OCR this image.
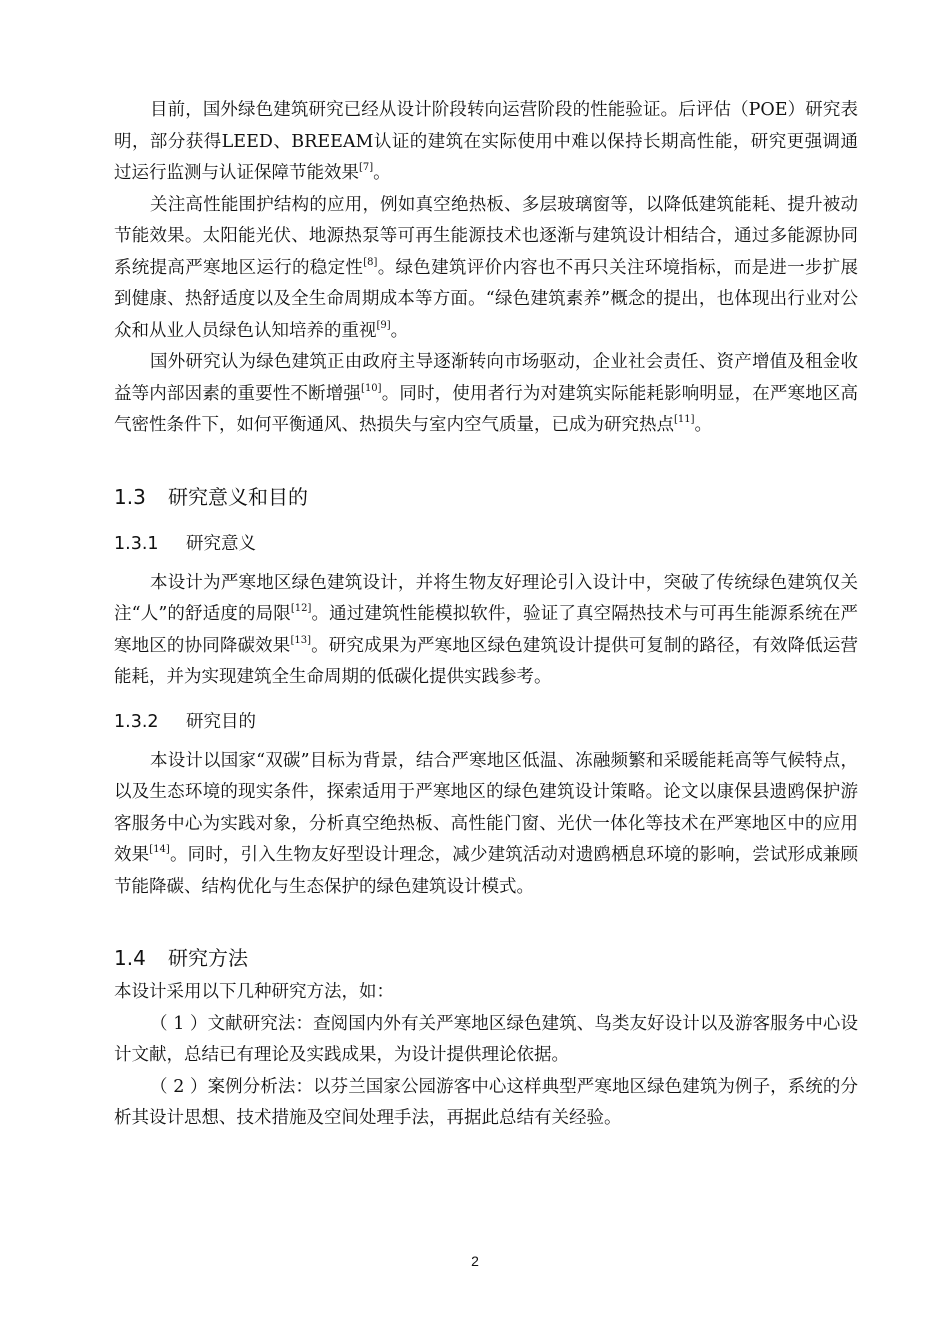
目前，国外绿色建筑研究已经从设计阶段转向运营阶段的性能验证。后评估（POE）研究表明，部分获得LEED、BREEAM认证的建筑在实际使用中难以保持长期高性能，研究更强调通过运行监测与认证保障节能效果[7]。

关注高性能围护结构的应用，例如真空绝热板、多层玻璃窗等，以降低建筑能耗、提升被动节能效果。太阳能光伏、地源热泵等可再生能源技术也逐渐与建筑设计相结合，通过多能源协同系统提高严寒地区运行的稳定性[8]。绿色建筑评价内容也不再只关注环境指标，而是进一步扩展到健康、热舒适度以及全生命周期成本等方面。“绿色建筑素养”概念的提出，也体现出行业对公众和从业人员绿色认知培养的重视[9]。

国外研究认为绿色建筑正由政府主导逐渐转向市场驱动，企业社会责任、资产增值及租金收益等内部因素的重要性不断增强[10]。同时，使用者行为对建筑实际能耗影响明显，在严寒地区高气密性条件下，如何平衡通风、热损失与室内空气质量，已成为研究热点[11]。

1.3	研究意义和目的
1.3.1	研究意义

本设计为严寒地区绿色建筑设计，并将生物友好理论引入设计中，突破了传统绿色建筑仅关注“人”的舒适度的局限[12]。通过建筑性能模拟软件，验证了真空隔热技术与可再生能源系统在严寒地区的协同降碳效果[13]。研究成果为严寒地区绿色建筑设计提供可复制的路径，有效降低运营能耗，并为实现建筑全生命周期的低碳化提供实践参考。

1.3.2	研究目的

本设计以国家“双碳”目标为背景，结合严寒地区低温、冻融频繁和采暖能耗高等气候特点，以及生态环境的现实条件，探索适用于严寒地区的绿色建筑设计策略。论文以康保县遗鸥保护游客服务中心为实践对象，分析真空绝热板、高性能门窗、光伏一体化等技术在严寒地区中的应用效果[14]。同时，引入生物友好型设计理念，减少建筑活动对遗鸥栖息环境的影响，尝试形成兼顾节能降碳、结构优化与生态保护的绿色建筑设计模式。

1.4	研究方法

本设计采用以下几种研究方法，如：

（ 1 ）文献研究法：查阅国内外有关严寒地区绿色建筑、鸟类友好设计以及游客服务中心设计文献，总结已有理论及实践成果，为设计提供理论依据。

（ 2 ）案例分析法：以芬兰国家公园游客中心这样典型严寒地区绿色建筑为例子，系统的分析其设计思想、技术措施及空间处理手法，再据此总结有关经验。

2
